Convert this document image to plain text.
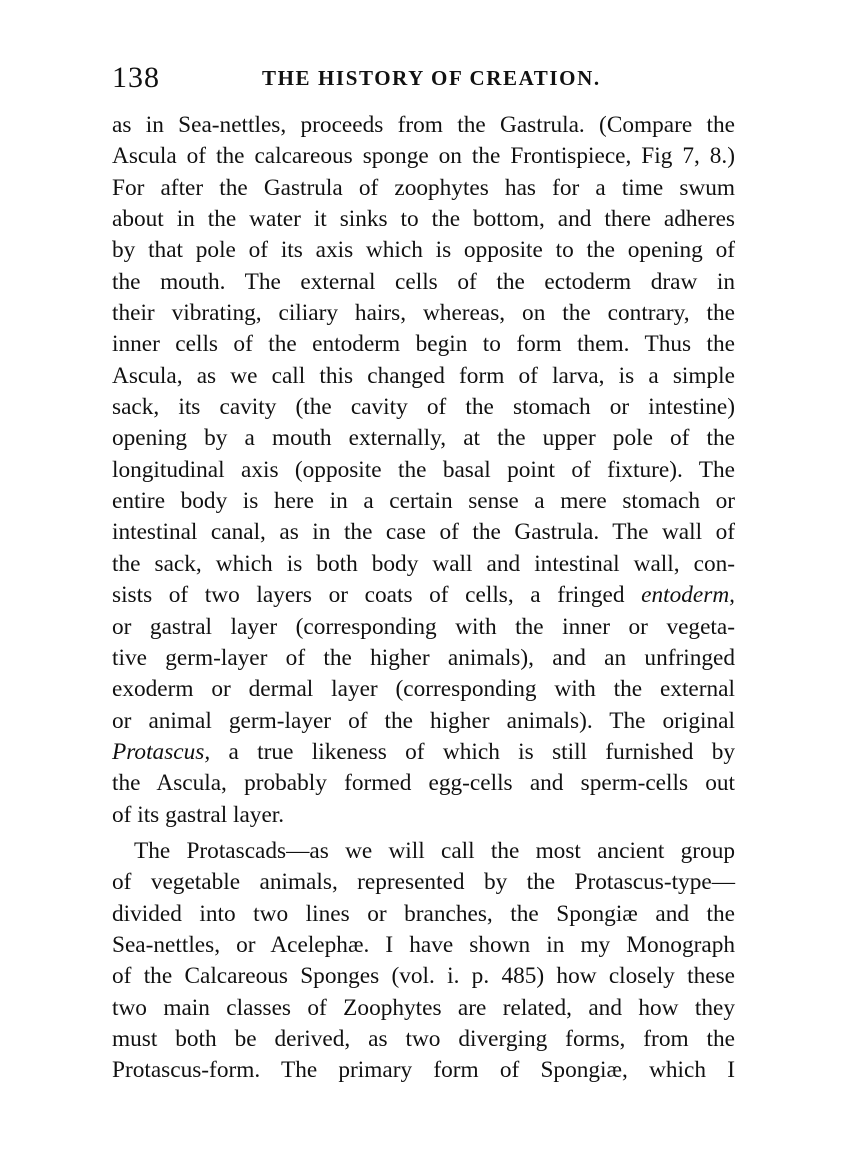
138	THE HISTORY OF CREATION.
as in Sea-nettles, proceeds from the Gastrula. (Compare the
Ascula of the calcareous sponge on the Frontispiece, Fig 7, 8.)
For after the Gastrula of zoophytes has for a time swum
about in the water it sinks to the bottom, and there adheres
by that pole of its axis which is opposite to the opening of
the mouth. The external cells of the ectoderm draw in
their vibrating, ciliary hairs, whereas, on the contrary, the
inner cells of the entoderm begin to form them. Thus the
Ascula, as we call this changed form of larva, is a simple
sack, its cavity (the cavity of the stomach or intestine)
opening by a mouth externally, at the upper pole of the
longitudinal axis (opposite the basal point of fixture). The
entire body is here in a certain sense a mere stomach or
intestinal canal, as in the case of the Gastrula. The wall of
the sack, which is both body wall and intestinal wall, con-
sists of two layers or coats of cells, a fringed entoderm,
or gastral layer (corresponding with the inner or vegeta-
tive germ-layer of the higher animals), and an unfringed
exoderm or dermal layer (corresponding with the external
or animal germ-layer of the higher animals). The original
Protascus, a true likeness of which is still furnished by
the Ascula, probably formed egg-cells and sperm-cells out
of its gastral layer.
The Protascads—as we will call the most ancient group
of vegetable animals, represented by the Protascus-type—
divided into two lines or branches, the Spongiæ and the
Sea-nettles, or Acelephæ. I have shown in my Monograph
of the Calcareous Sponges (vol. i. p. 485) how closely these
two main classes of Zoophytes are related, and how they
must both be derived, as two diverging forms, from the
Protascus-form. The primary form of Spongiæ, which I
